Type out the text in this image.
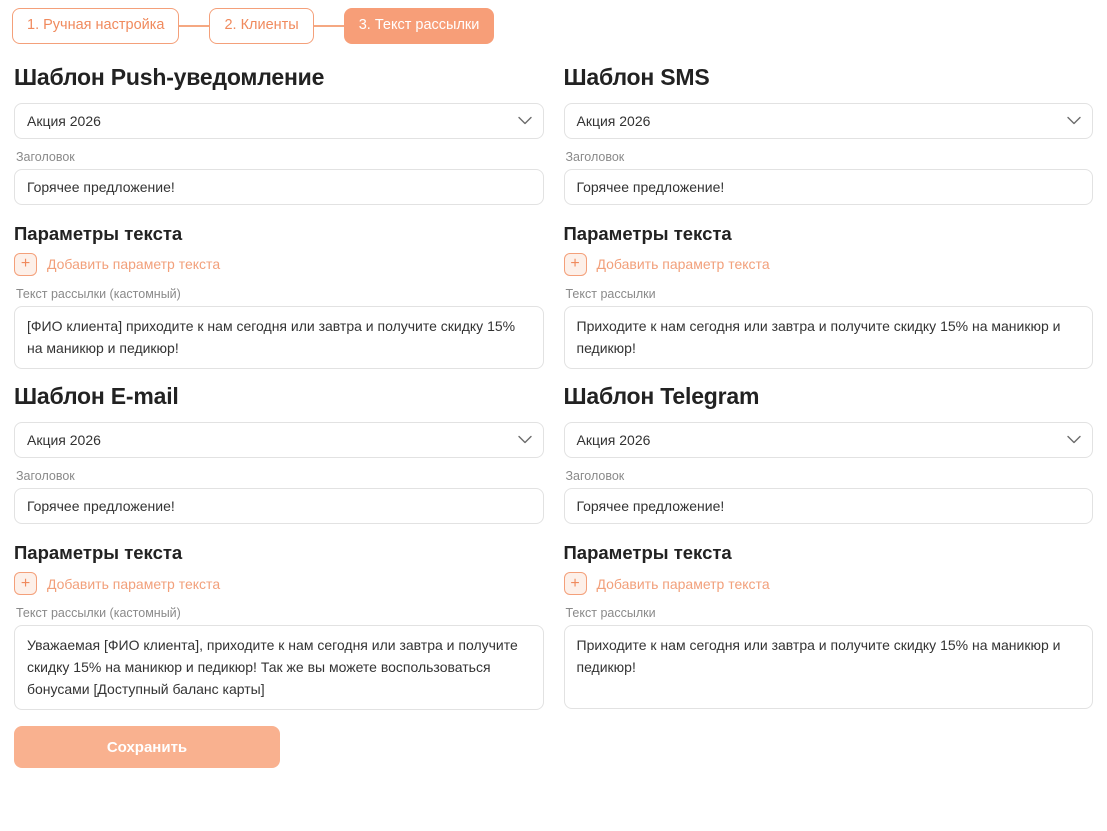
1. Ручная настройка	2. Клиенты	3. Текст рассылки
Шаблон Push-уведомление
Акция 2026
Заголовок
Горячее предложение!
Параметры текста
+	Добавить параметр текста
Текст рассылки (кастомный)
[ФИО клиента] приходите к нам сегодня или завтра и получите скидку 15% на маникюр и педикюр!
Шаблон SMS
Акция 2026
Заголовок
Горячее предложение!
Параметры текста
+	Добавить параметр текста
Текст рассылки
Приходите к нам сегодня или завтра и получите скидку 15% на маникюр и педикюр!
Шаблон E-mail
Акция 2026
Заголовок
Горячее предложение!
Параметры текста
+	Добавить параметр текста
Текст рассылки (кастомный)
Уважаемая [ФИО клиента], приходите к нам сегодня или завтра и получите скидку 15% на маникюр и педикюр! Так же вы можете воспользоваться бонусами [Доступный баланс карты]
Шаблон Telegram
Акция 2026
Заголовок
Горячее предложение!
Параметры текста
+	Добавить параметр текста
Текст рассылки
Приходите к нам сегодня или завтра и получите скидку 15% на маникюр и педикюр!
Сохранить
